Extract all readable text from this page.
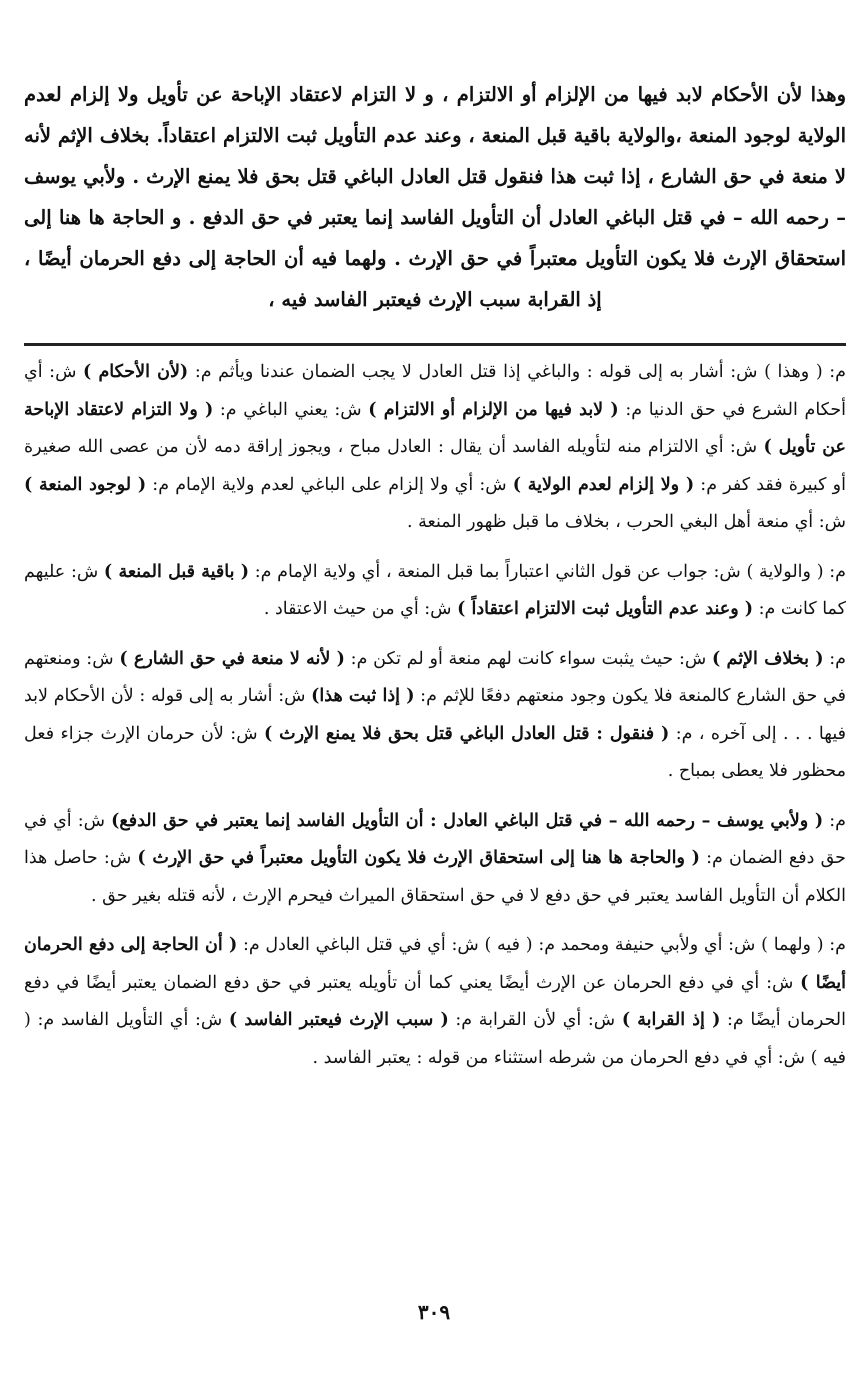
وهذا لأن الأحكام لابد فيها من الإلزام أو الالتزام ، و لا التزام لاعتقاد الإباحة عن تأويل ولا إلزام لعدم الولاية لوجود المنعة ،والولاية باقية قبل المنعة ، وعند عدم التأويل ثبت الالتزام اعتقاداً. بخلاف الإثم لأنه لا منعة في حق الشارع ، إذا ثبت هذا فنقول قتل العادل الباغي قتل بحق فلا يمنع الإرث . ولأبي يوسف – رحمه الله – في قتل الباغي العادل أن التأويل الفاسد إنما يعتبر في حق الدفع . و الحاجة ها هنا إلى استحقاق الإرث فلا يكون التأويل معتبراً في حق الإرث . ولهما فيه أن الحاجة إلى دفع الحرمان أيضًا ، إذ القرابة سبب الإرث فيعتبر الفاسد فيه ،

م: ( وهذا ) ش: أشار به إلى قوله : والباغي إذا قتل العادل لا يجب الضمان عندنا ويأثم م: (لأن الأحكام ) ش: أي أحكام الشرع في حق الدنيا م: ( لابد فيها من الإلزام أو الالتزام ) ش: يعني الباغي م: ( ولا التزام لاعتقاد الإباحة عن تأويل ) ش: أي الالتزام منه لتأويله الفاسد أن يقال : العادل مباح ، ويجوز إراقة دمه لأن من عصى الله صغيرة أو كبيرة فقد كفر م: ( ولا إلزام لعدم الولاية ) ش: أي ولا إلزام على الباغي لعدم ولاية الإمام م: ( لوجود المنعة ) ش: أي منعة أهل البغي الحرب ، بخلاف ما قبل ظهور المنعة .

م: ( والولاية ) ش: جواب عن قول الثاني اعتباراً بما قبل المنعة ، أي ولاية الإمام م: ( باقية قبل المنعة ) ش: عليهم كما كانت م: ( وعند عدم التأويل ثبت الالتزام اعتقاداً ) ش: أي من حيث الاعتقاد .

م: ( بخلاف الإثم ) ش: حيث يثبت سواء كانت لهم منعة أو لم تكن م: ( لأنه لا منعة في حق الشارع ) ش: ومنعتهم في حق الشارع كالمنعة فلا يكون وجود منعتهم دفعًا للإثم م: ( إذا ثبت هذا) ش: أشار به إلى قوله : لأن الأحكام لابد فيها . . . إلى آخره ، م: ( فنقول : قتل العادل الباغي قتل بحق فلا يمنع الإرث ) ش: لأن حرمان الإرث جزاء فعل محظور فلا يعطى بمباح .

م: ( ولأبي يوسف – رحمه الله – في قتل الباغي العادل : أن التأويل الفاسد إنما يعتبر في حق الدفع) ش: أي في حق دفع الضمان م: ( والحاجة ها هنا إلى استحقاق الإرث فلا يكون التأويل معتبراً في حق الإرث ) ش: حاصل هذا الكلام أن التأويل الفاسد يعتبر في حق دفع لا في حق استحقاق الميراث فيحرم الإرث ، لأنه قتله بغير حق .

م: ( ولهما ) ش: أي ولأبي حنيفة ومحمد م: ( فيه ) ش: أي في قتل الباغي العادل م: ( أن الحاجة إلى دفع الحرمان أيضًا ) ش: أي في دفع الحرمان عن الإرث أيضًا يعني كما أن تأويله يعتبر في حق دفع الضمان يعتبر أيضًا في دفع الحرمان أيضًا م: ( إذ القرابة ) ش: أي لأن القرابة م: ( سبب الإرث فيعتبر الفاسد ) ش: أي التأويل الفاسد م: ( فيه ) ش: أي في دفع الحرمان من شرطه استثناء من قوله : يعتبر الفاسد .

٣٠٩
